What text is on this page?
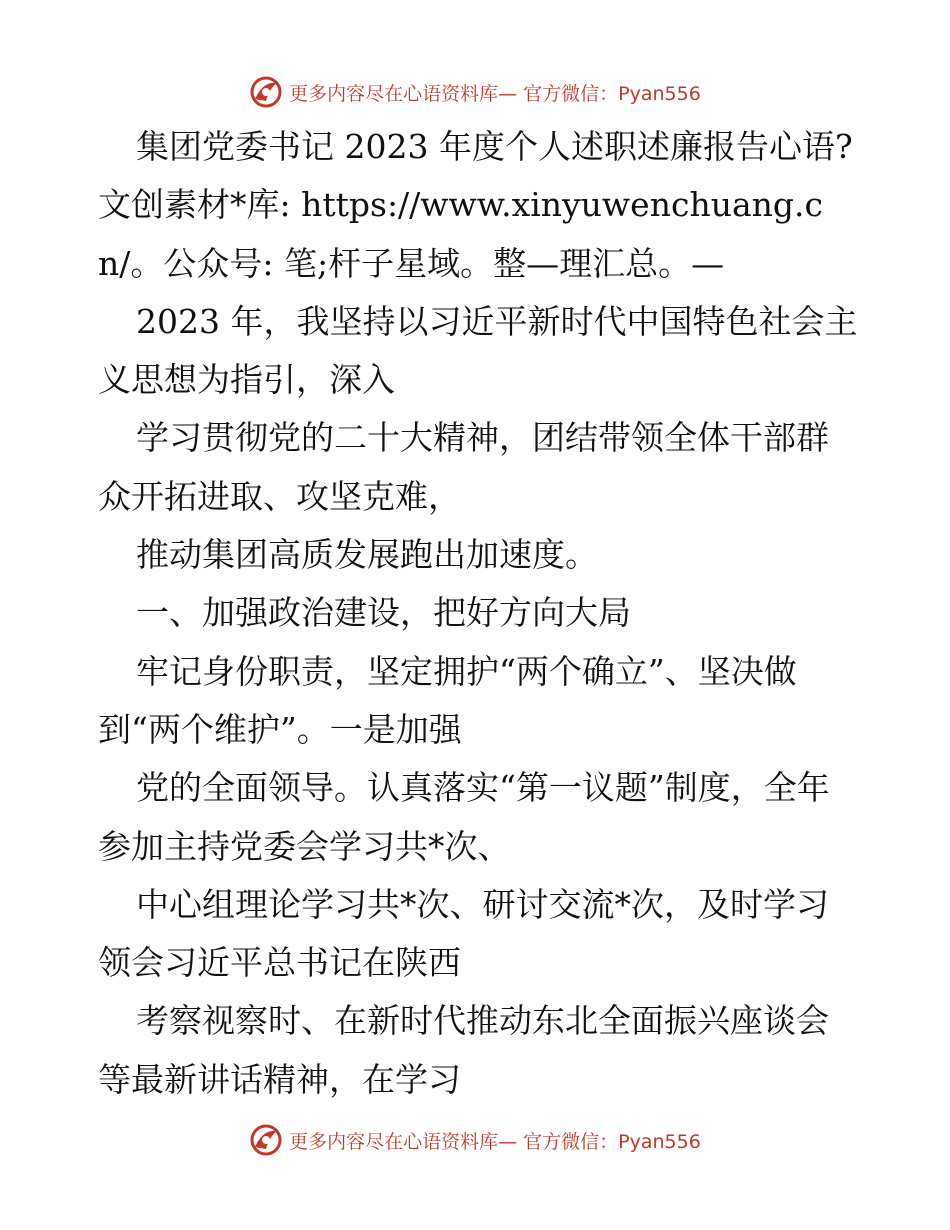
更多内容尽在心语资料库— 官方微信：Pyan556

集团党委书记 2023 年度个人述职述廉报告心语?文创素材*库: https://www.xinyuwenchuang.cn/。公众号: 笔;杆子星域。整—理汇总。—

2023 年，我坚持以习近平新时代中国特色社会主义思想为指引，深入

学习贯彻党的二十大精神，团结带领全体干部群众开拓进取、攻坚克难，

推动集团高质发展跑出加速度。

一、加强政治建设，把好方向大局

牢记身份职责，坚定拥护“两个确立”、坚决做到“两个维护”。一是加强

党的全面领导。认真落实“第一议题”制度，全年参加主持党委会学习共*次、

中心组理论学习共*次、研讨交流*次，及时学习领会习近平总书记在陕西

考察视察时、在新时代推动东北全面振兴座谈会等最新讲话精神，在学习

更多内容尽在心语资料库— 官方微信：Pyan556
